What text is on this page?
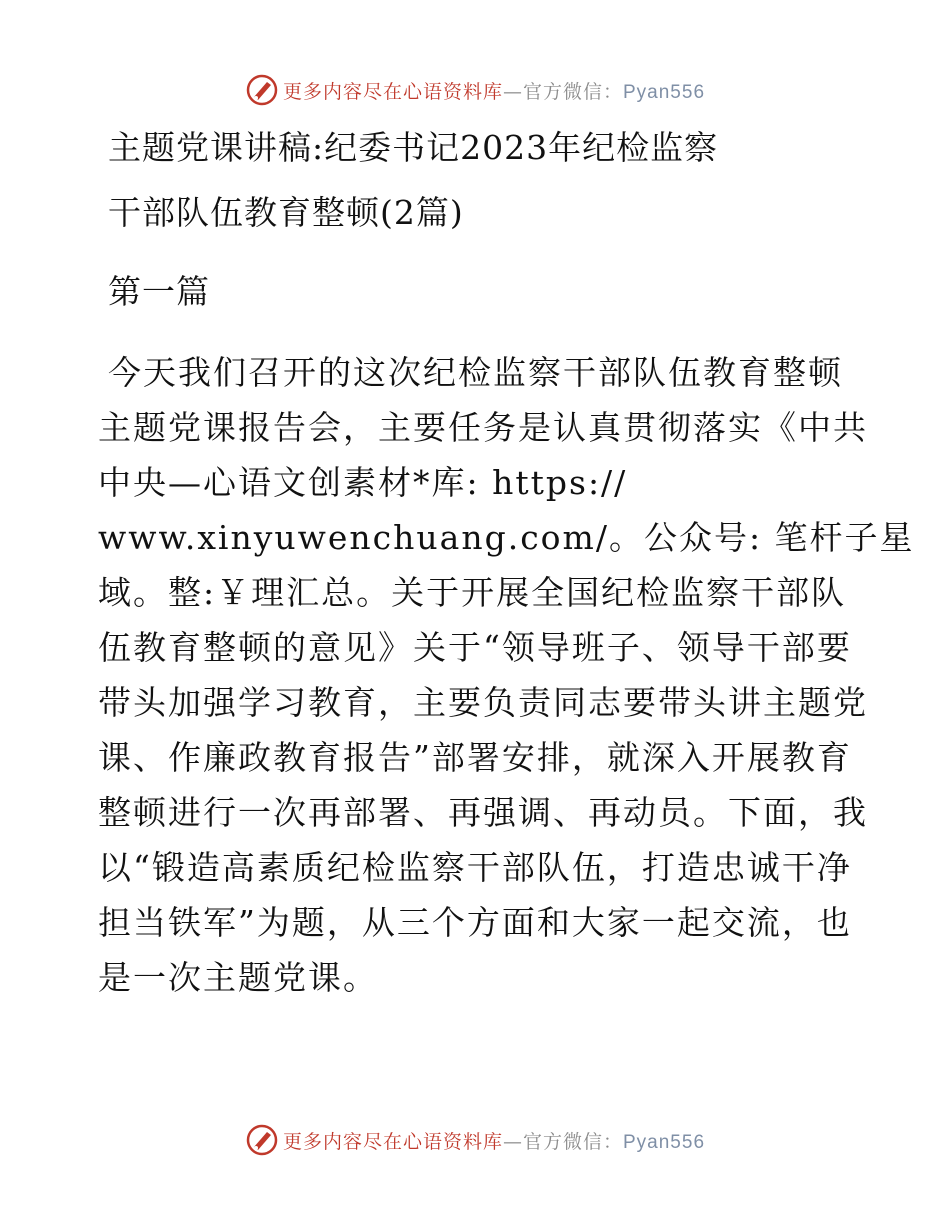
更多内容尽在心语资料库—官方微信：Pyan556
主题党课讲稿:纪委书记2023年纪检监察
干部队伍教育整顿(2篇)
第一篇
今天我们召开的这次纪检监察干部队伍教育整顿
主题党课报告会，主要任务是认真贯彻落实《中共
中央—心语文创素材*库: https://
www.xinyuwenchuang.com/。公众号: 笔杆子星
域。整:￥理汇总。关于开展全国纪检监察干部队
伍教育整顿的意见》关于“领导班子、领导干部要
带头加强学习教育，主要负责同志要带头讲主题党
课、作廉政教育报告”部署安排，就深入开展教育
整顿进行一次再部署、再强调、再动员。下面，我
以“锻造高素质纪检监察干部队伍，打造忠诚干净
担当铁军”为题，从三个方面和大家一起交流，也
是一次主题党课。
更多内容尽在心语资料库—官方微信：Pyan556
